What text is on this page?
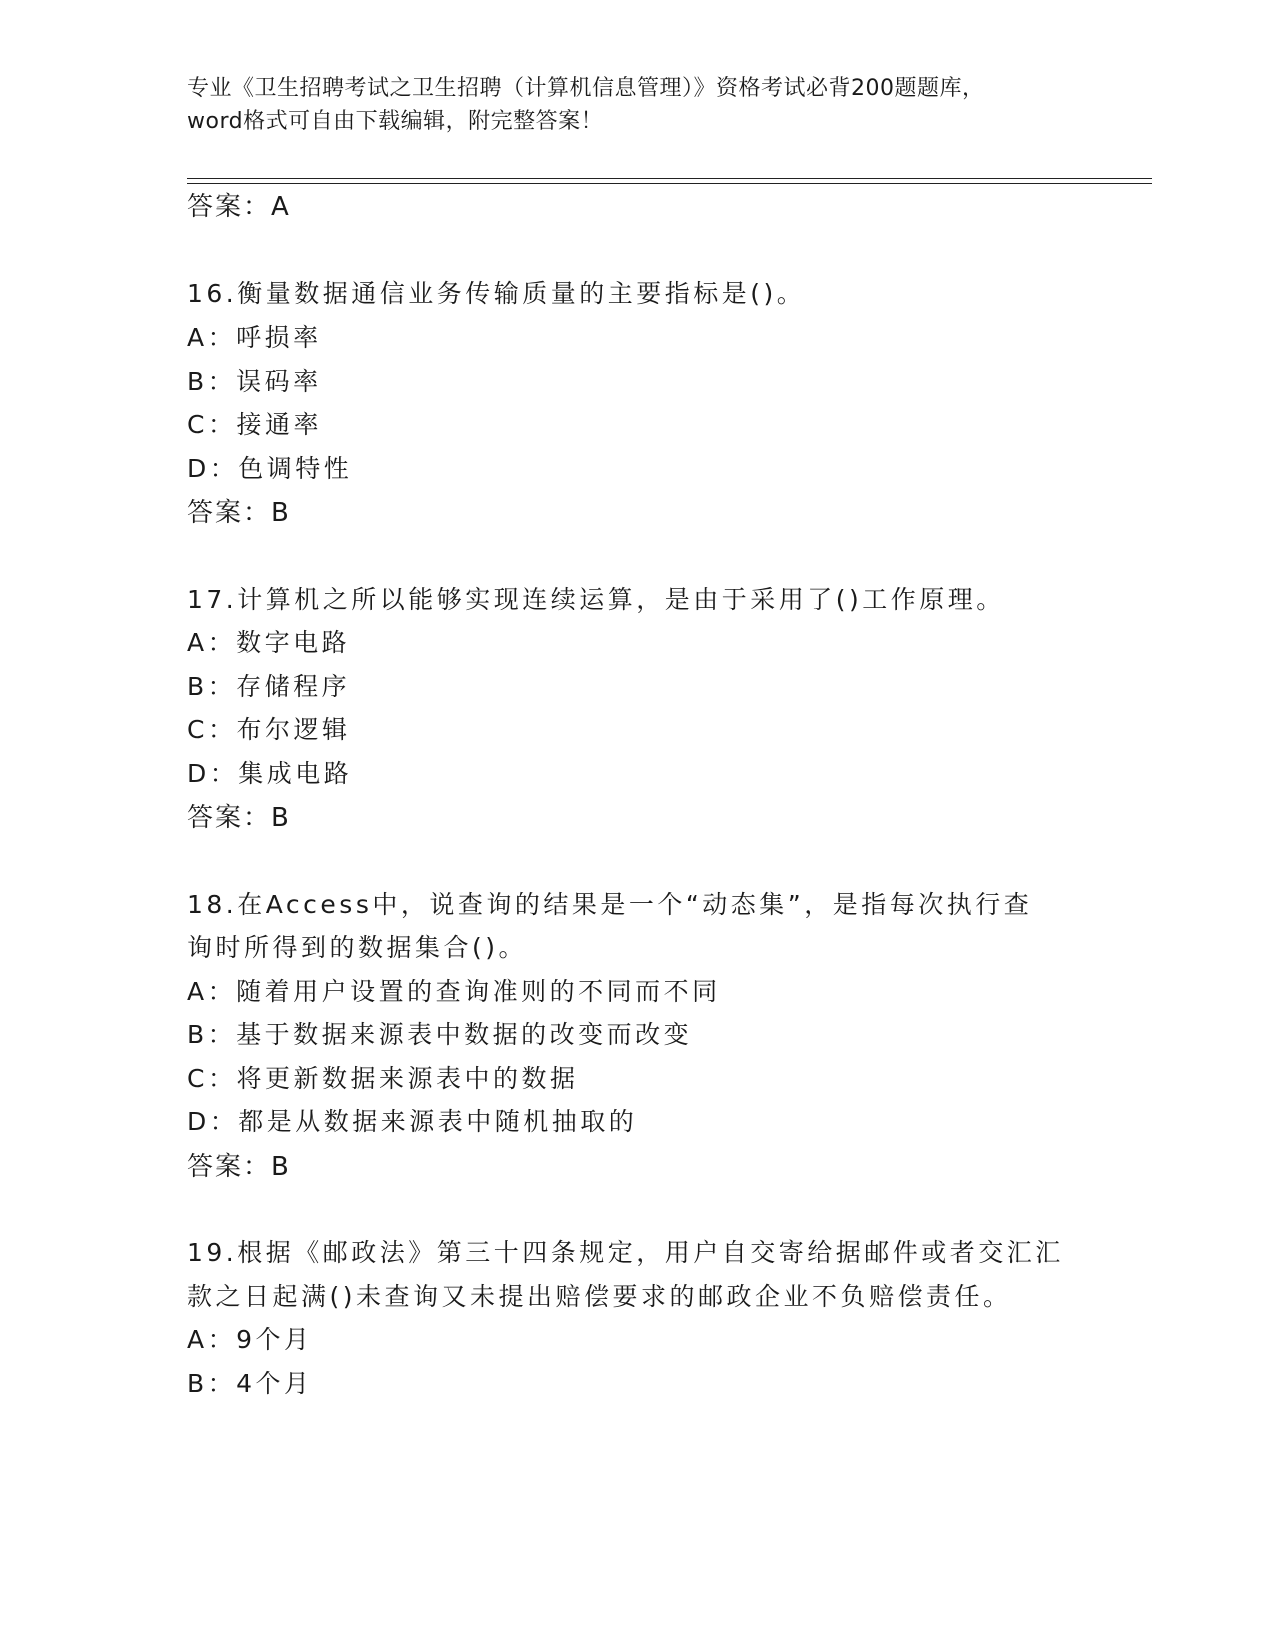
专业《卫生招聘考试之卫生招聘（计算机信息管理）》资格考试必背200题题库，
word格式可自由下载编辑，附完整答案！
答案：A
16.衡量数据通信业务传输质量的主要指标是()。
A：呼损率
B：误码率
C：接通率
D：色调特性
答案：B
17.计算机之所以能够实现连续运算，是由于采用了()工作原理。
A：数字电路
B：存储程序
C：布尔逻辑
D：集成电路
答案：B
18.在Access中，说查询的结果是一个“动态集”，是指每次执行查
询时所得到的数据集合()。
A：随着用户设置的查询准则的不同而不同
B：基于数据来源表中数据的改变而改变
C：将更新数据来源表中的数据
D：都是从数据来源表中随机抽取的
答案：B
19.根据《邮政法》第三十四条规定，用户自交寄给据邮件或者交汇汇
款之日起满()未查询又未提出赔偿要求的邮政企业不负赔偿责任。
A：9个月
B：4个月
